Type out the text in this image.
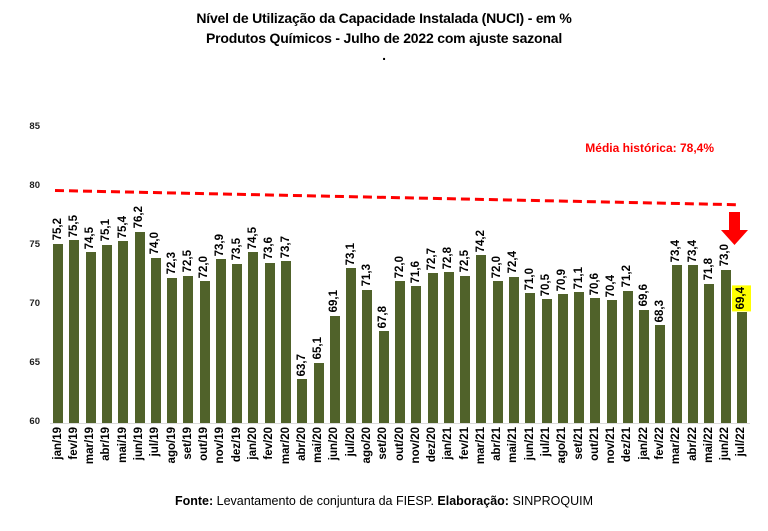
Nível de Utilização da Capacidade Instalada (NUCI) - em %
Produtos Químicos - Julho de 2022 com ajuste sazonal
.
85
80
75
70
65
60
75,2 75,5
74,5 75,1 75,4 76,2
74,0
72,3 72,5 72,0
73,9 73,5
74,5 73,6 73,7
63,7
65,1
69,1
73,1
71,3
67,8
72,0 71,6
72,7 72,8 72,5
74,2
72,0 72,4
71,0 70,5 70,9 71,1 70,6 70,4 71,2
69,6
68,3
73,4 73,4
71,8
73,0
69,4
Média histórica: 78,4%
jan/19 fev/19 mar/19 abr/19 mai/19 jun/19 jul/19 ago/19 set/19 out/19 nov/19 dez/19 jan/20 fev/20 mar/20 abr/20 mai/20 jun/20 jul/20 ago/20 set/20 out/20 nov/20 dez/20 jan/21 fev/21 mar/21 abr/21 mai/21 jun/21 jul/21 ago/21 set/21 out/21 nov/21 dez/21 jan/22 fev/22 mar/22 abr/22 mai/22 jun/22 jul/22
Fonte: Levantamento de conjuntura da FIESP. Elaboração: SINPROQUIM
